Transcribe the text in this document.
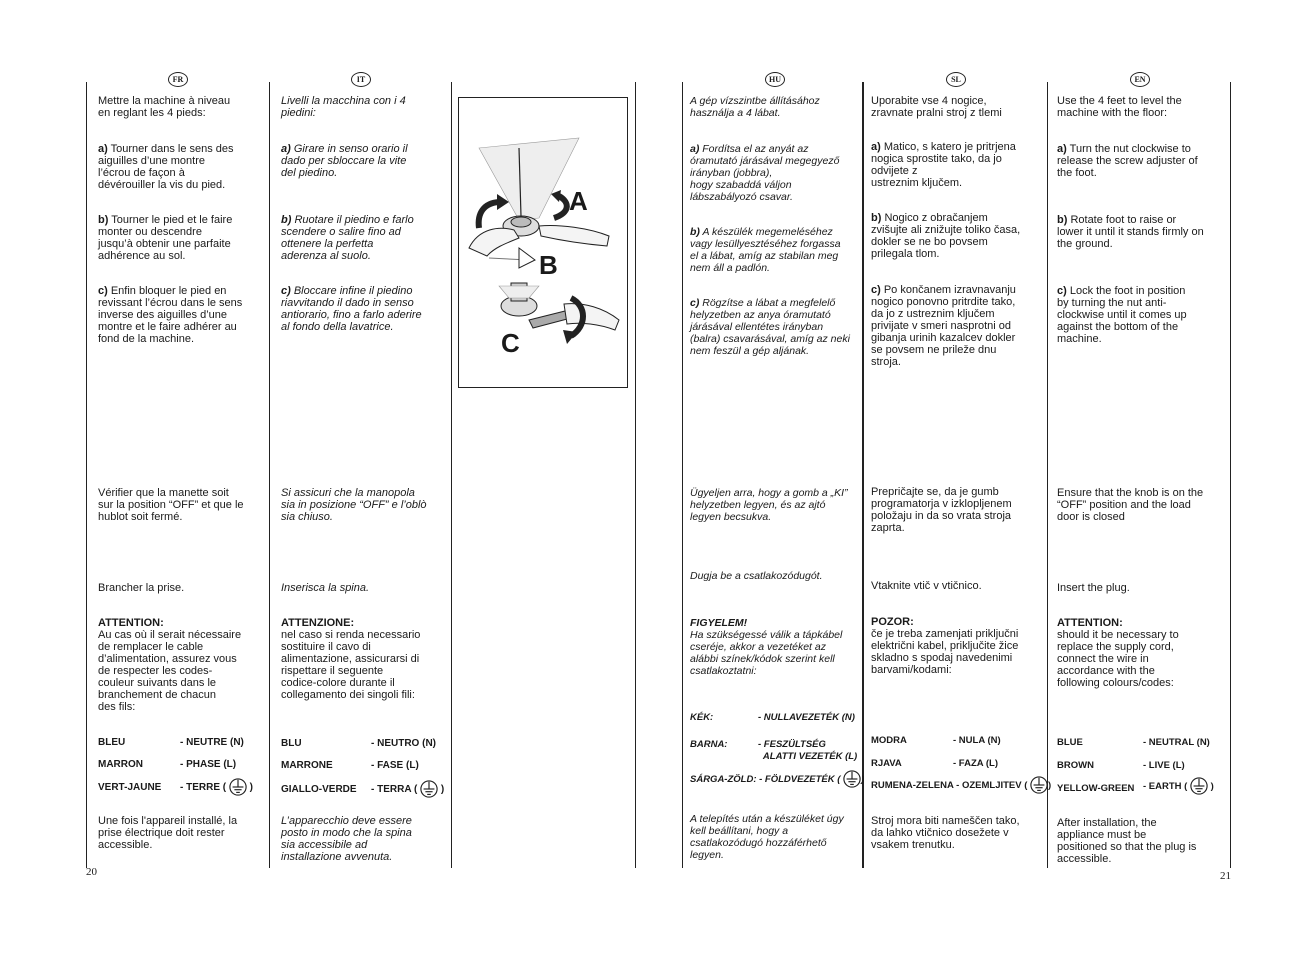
FR	IT	HU	SL	EN

Mettre la machine à niveau
en reglant les 4 pieds:

a) Tourner dans le sens des
aiguilles d’une montre
l’écrou de façon à
dévérouiller la vis du pied.

b) Tourner le pied et le faire
monter ou descendre
jusqu’à obtenir une parfaite
adhérence au sol.

c) Enfin bloquer le pied en
revissant l’écrou dans le sens
inverse des aiguilles d’une
montre et le faire adhérer au
fond de la machine.

Vérifier que la manette soit
sur la position “OFF” et que le
hublot soit fermé.

Brancher la prise.

ATTENTION:

Au cas où il serait nécessaire
de remplacer le cable
d’alimentation, assurez vous
de respecter les codes-
couleur suivants dans le
branchement de chacun
des fils:

BLEU	- NEUTRE (N)
MARRON	- PHASE (L)
VERT-JAUNE - TERRE ( )

Une fois l'appareil installé, la
prise électrique doit rester
accessible.

Livelli la macchina con i 4
piedini:

a) Girare in senso orario il
dado per sbloccare la vite
del piedino.

b) Ruotare il piedino e farlo
scendere o salire fino ad
ottenere la perfetta
aderenza al suolo.

c) Bloccare infine il piedino
riavvitando il dado in senso
antiorario, fino a farlo aderire
al fondo della lavatrice.

Si assicuri che la manopola
sia in posizione “OFF” e l’oblò
sia chiuso.

Inserisca la spina.

ATTENZIONE:

nel caso si renda necessario
sostituire il cavo di
alimentazione, assicurarsi di
rispettare il seguente
codice-colore durante il
collegamento dei singoli fili:

BLU	- NEUTRO (N)
MARRONE	- FASE (L)
GIALLO-VERDE - TERRA ( )

L’apparecchio deve essere
posto in modo che la spina
sia accessibile ad
installazione avvenuta.

A
B
C

A gép vízszintbe állításához
használja a 4 lábat.

a) Fordítsa el az anyát az
óramutató járásával megegyező
irányban (jobbra),
hogy szabaddá váljon
lábszabályozó csavar.

b) A készülék megemeléséhez
vagy lesüllyesztéséhez forgassa
el a lábat, amíg az stabilan meg
nem áll a padlón.

c) Rögzítse a lábat a megfelelő
helyzetben az anya óramutató
járásával ellentétes irányban
(balra) csavarásával, amíg az neki
nem feszül a gép aljának.

Ügyeljen arra, hogy a gomb a „KI”
helyzetben legyen, és az ajtó
legyen becsukva.

Dugja be a csatlakozódugót.

FIGYELEM!

Ha szükségessé válik a tápkábel
cseréje, akkor a vezetéket az
alábbi színek/kódok szerint kell
csatlakoztatni:

KÉK:	- NULLAVEZETÉK (N)
BARNA:	- FESZÜLTSÉG
ALATTI VEZETÉK (L)
SÁRGA-ZÖLD: - FÖLDVEZETÉK ( )

A telepítés után a készüléket úgy
kell beállítani, hogy a
csatlakozódugó hozzáférhető
legyen.

Uporabite vse 4 nogice,
zravnate pralni stroj z tlemi

a) Matico, s katero je pritrjena
nogica sprostite tako, da jo
odvijete z
ustreznim ključem.

b) Nogico z obračanjem
zvišujte ali znižujte toliko časa,
dokler se ne bo povsem
prilegala tlom.

c) Po končanem izravnavanju
nogico ponovno pritrdite tako,
da jo z ustreznim ključem
privijate v smeri nasprotni od
gibanja urinih kazalcev dokler
se povsem ne prileže dnu
stroja.

Prepričajte se, da je gumb
programatorja v izklopljenem
položaju in da so vrata stroja
zaprta.

Vtaknite vtič v vtičnico.

POZOR:

če je treba zamenjati priključni
električni kabel, priključite žice
skladno s spodaj navedenimi
barvami/kodami:

MODRA	- NULA (N)
RJAVA	- FAZA (L)
RUMENA-ZELENA - OZEMLJITEV ( )

Stroj mora biti nameščen tako,
da lahko vtičnico dosežete v
vsakem trenutku.

Use the 4 feet to level the
machine with the floor:

a) Turn the nut clockwise to
release the screw adjuster of
the foot.

b) Rotate foot to raise or
lower it until it stands firmly on
the ground.

c) Lock the foot in position
by turning the nut anti-
clockwise until it comes up
against the bottom of the
machine.

Ensure that the knob is on the
“OFF” position and the load
door is closed

Insert the plug.

ATTENTION:

should it be necessary to
replace the supply cord,
connect the wire in
accordance with the
following colours/codes:

BLUE	- NEUTRAL (N)
BROWN	- LIVE (L)
YELLOW-GREEN - EARTH ( )

After installation, the
appliance must be
positioned so that the plug is
accessible.

20	21
